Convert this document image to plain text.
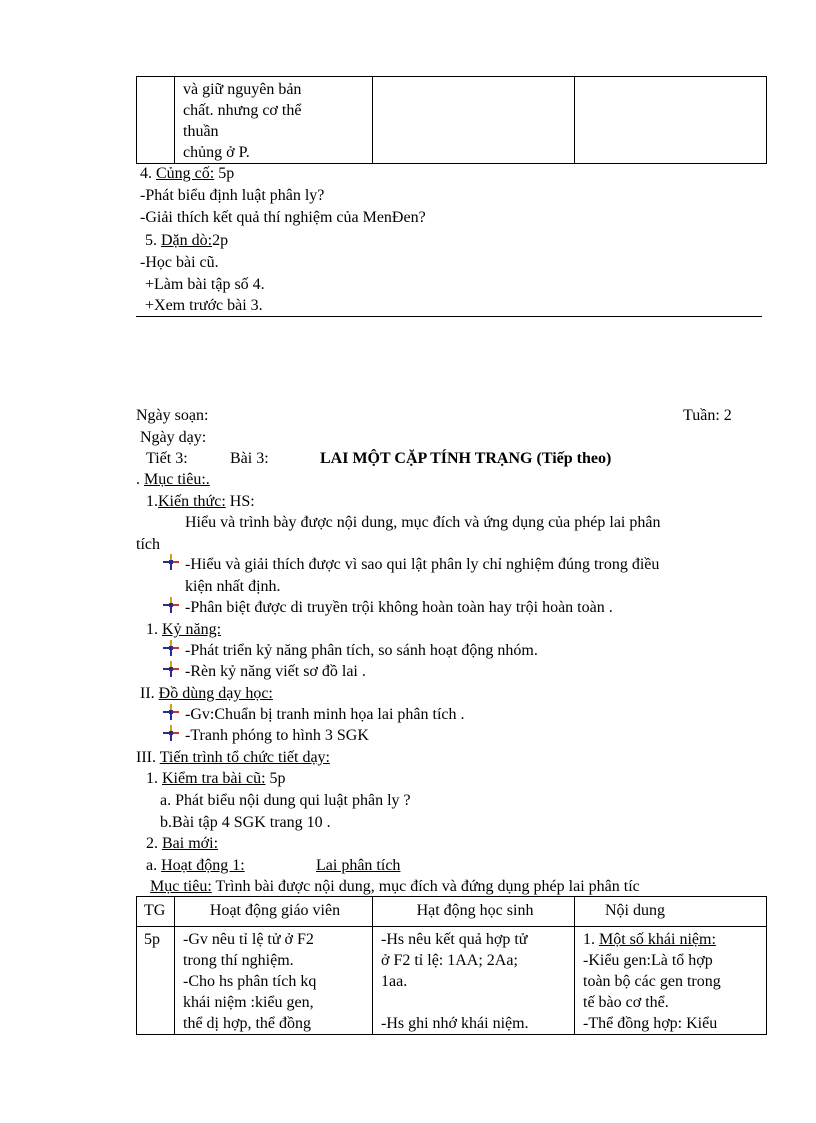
và giữ nguyên bản
chất. nhưng cơ thể
thuần
chủng ở P.

4. Củng cố: 5p
-Phát biểu định luật phân ly?
-Giải thích kết quả thí nghiệm của MenĐen?
5. Dặn dò:2p
-Học bài cũ.
+Làm bài tập số 4.
+Xem trước bài 3.
Ngày soạn:	Tuần: 2
Ngày dạy:
Tiết 3:	Bài 3:	LAI MỘT CẶP TÍNH TRẠNG (Tiếp theo)
. Mục tiêu:.
1.Kiến thức: HS:
Hiểu và trình bày được nội dung, mục đích và ứng dụng của phép lai phân
tích
-Hiểu và giải thích được vì sao qui lật phân ly chỉ nghiệm đúng trong điều
kiện nhất định.
-Phân biệt được di truyền trội không hoàn toàn hay trội hoàn toàn .
1. Kỷ năng:
-Phát triển kỷ năng phân tích, so sánh hoạt động nhóm.
-Rèn kỷ năng viết sơ đồ lai .
II. Đồ dùng dạy học:
-Gv:Chuẩn bị tranh minh họa lai phân tích .
-Tranh phóng to hình 3 SGK
III. Tiến trình tổ chức tiết dạy:
1. Kiểm tra bài cũ: 5p
a. Phát biểu nội dung qui luật phân ly ?
b.Bài tập 4 SGK trang 10 .
2. Bai mới:
a. Hoạt động 1:	Lai phân tích
Mục tiêu: Trình bài được nội dung, mục đích và đứng dụng phép lai phân tíc
TG	Hoạt động giáo viên	Hạt động học sinh	Nội dung
5p	-Gv nêu tỉ lệ tử ở F2
trong thí nghiệm.
-Cho hs phân tích kq
khái niệm :kiểu gen,
thể dị hợp, thể đồng	-Hs nêu kết quả hợp tử
ở F2 tỉ lệ: 1AA; 2Aa;
1aa.
-Hs ghi nhớ khái niệm.	1. Một số khái niệm:
-Kiểu gen:Là tổ hợp
toàn bộ các gen trong
tế bào cơ thể.
-Thể đồng hợp: Kiểu
